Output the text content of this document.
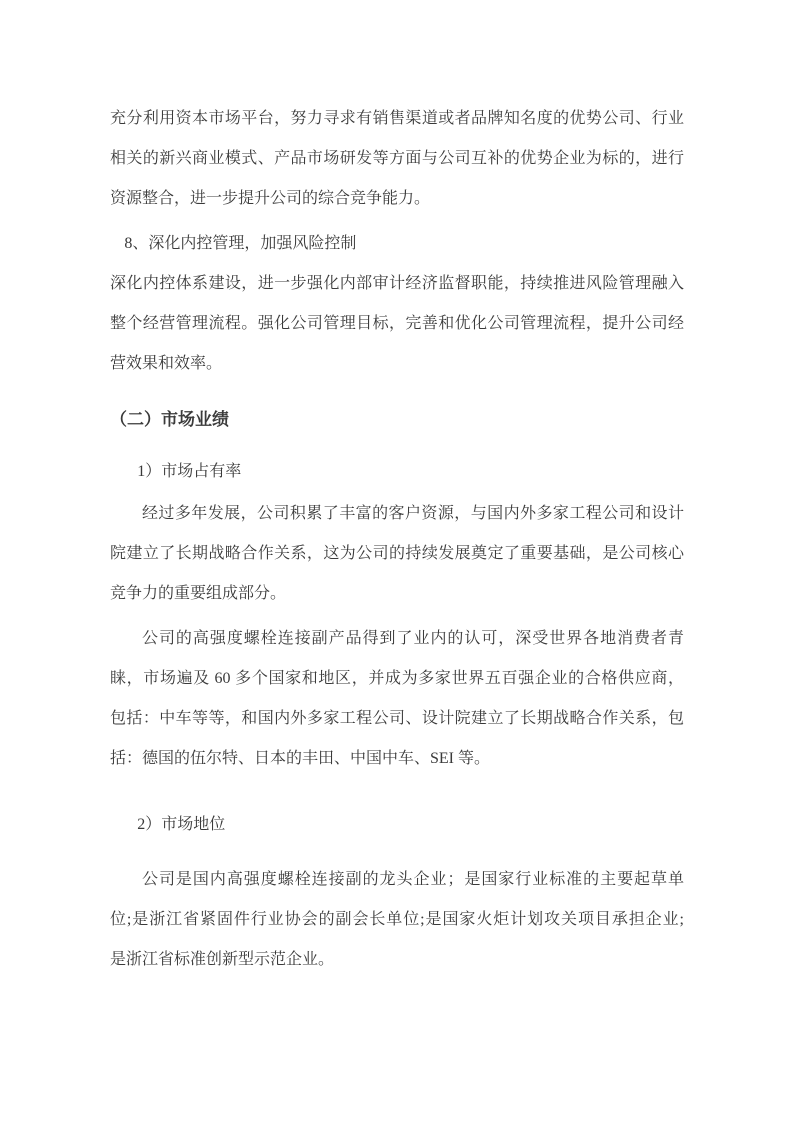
充分利用资本市场平台，努力寻求有销售渠道或者品牌知名度的优势公司、行业
相关的新兴商业模式、产品市场研发等方面与公司互补的优势企业为标的，进行
资源整合，进一步提升公司的综合竞争能力。
8、深化内控管理，加强风险控制
深化内控体系建设，进一步强化内部审计经济监督职能，持续推进风险管理融入
整个经营管理流程。强化公司管理目标，完善和优化公司管理流程，提升公司经
营效果和效率。
（二）市场业绩
1）市场占有率
经过多年发展，公司积累了丰富的客户资源，与国内外多家工程公司和设计
院建立了长期战略合作关系，这为公司的持续发展奠定了重要基础，是公司核心
竞争力的重要组成部分。
公司的高强度螺栓连接副产品得到了业内的认可，深受世界各地消费者青
睐，市场遍及 60 多个国家和地区，并成为多家世界五百强企业的合格供应商，
包括：中车等等，和国内外多家工程公司、设计院建立了长期战略合作关系，包
括：德国的伍尔特、日本的丰田、中国中车、SEI 等。
2）市场地位
公司是国内高强度螺栓连接副的龙头企业；是国家行业标准的主要起草单
位;是浙江省紧固件行业协会的副会长单位;是国家火炬计划攻关项目承担企业;
是浙江省标准创新型示范企业。
